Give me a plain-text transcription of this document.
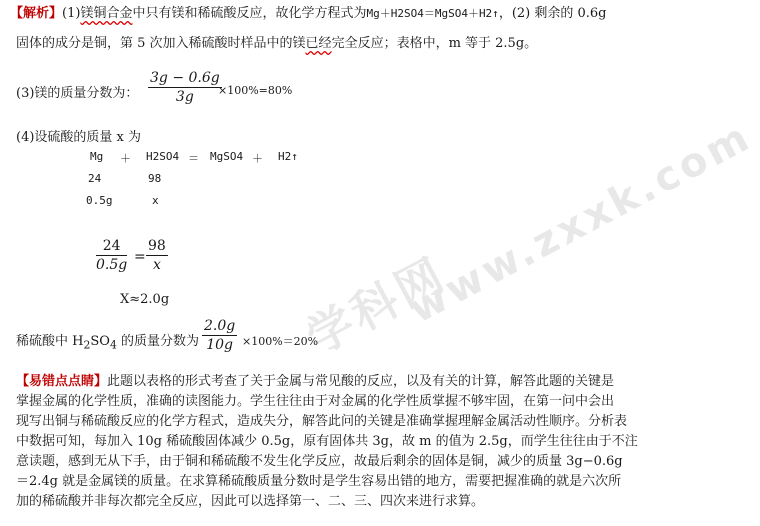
www.zxxk.com
学科网
【解析】(1)镁铜合金中只有镁和稀硫酸反应，故化学方程式为Mg＋H2SO4＝MgSO4＋H2↑，(2) 剩余的 0.6g
固体的成分是铜，第 5 次加入稀硫酸时样品中的镁已经完全反应；表格中，m 等于 2.5g。
(3)镁的质量分数为：
3g − 0.6g
3g ×100%=80%
(4)设硫酸的质量 x 为
Mg ＋ H2SO4 ＝ MgSO4 ＋ H2↑
24	98
0.5g	x
24
0.5g =
98
x
X≈2.0g
稀硫酸中 $H_2SO_4$ 的质量分数为
2.0g
10g ×100%＝20%
【易错点点睛】此题以表格的形式考查了关于金属与常见酸的反应，以及有关的计算，解答此题的关键是
掌握金属的化学性质，准确的读图能力。学生往往由于对金属的化学性质掌握不够牢固，在第一问中会出
现写出铜与稀硫酸反应的化学方程式，造成失分，解答此问的关键是准确掌握理解金属活动性顺序。分析表
中数据可知，每加入 10g 稀硫酸固体减少 0.5g，原有固体共 3g，故 m 的值为 2.5g，而学生往往由于不注
意读题，感到无从下手，由于铜和稀硫酸不发生化学反应，故最后剩余的固体是铜，减少的质量 3g−0.6g
＝2.4g 就是金属镁的质量。在求算稀硫酸质量分数时是学生容易出错的地方，需要把握准确的就是六次所
加的稀硫酸并非每次都完全反应，因此可以选择第一、二、三、四次来进行求算。
